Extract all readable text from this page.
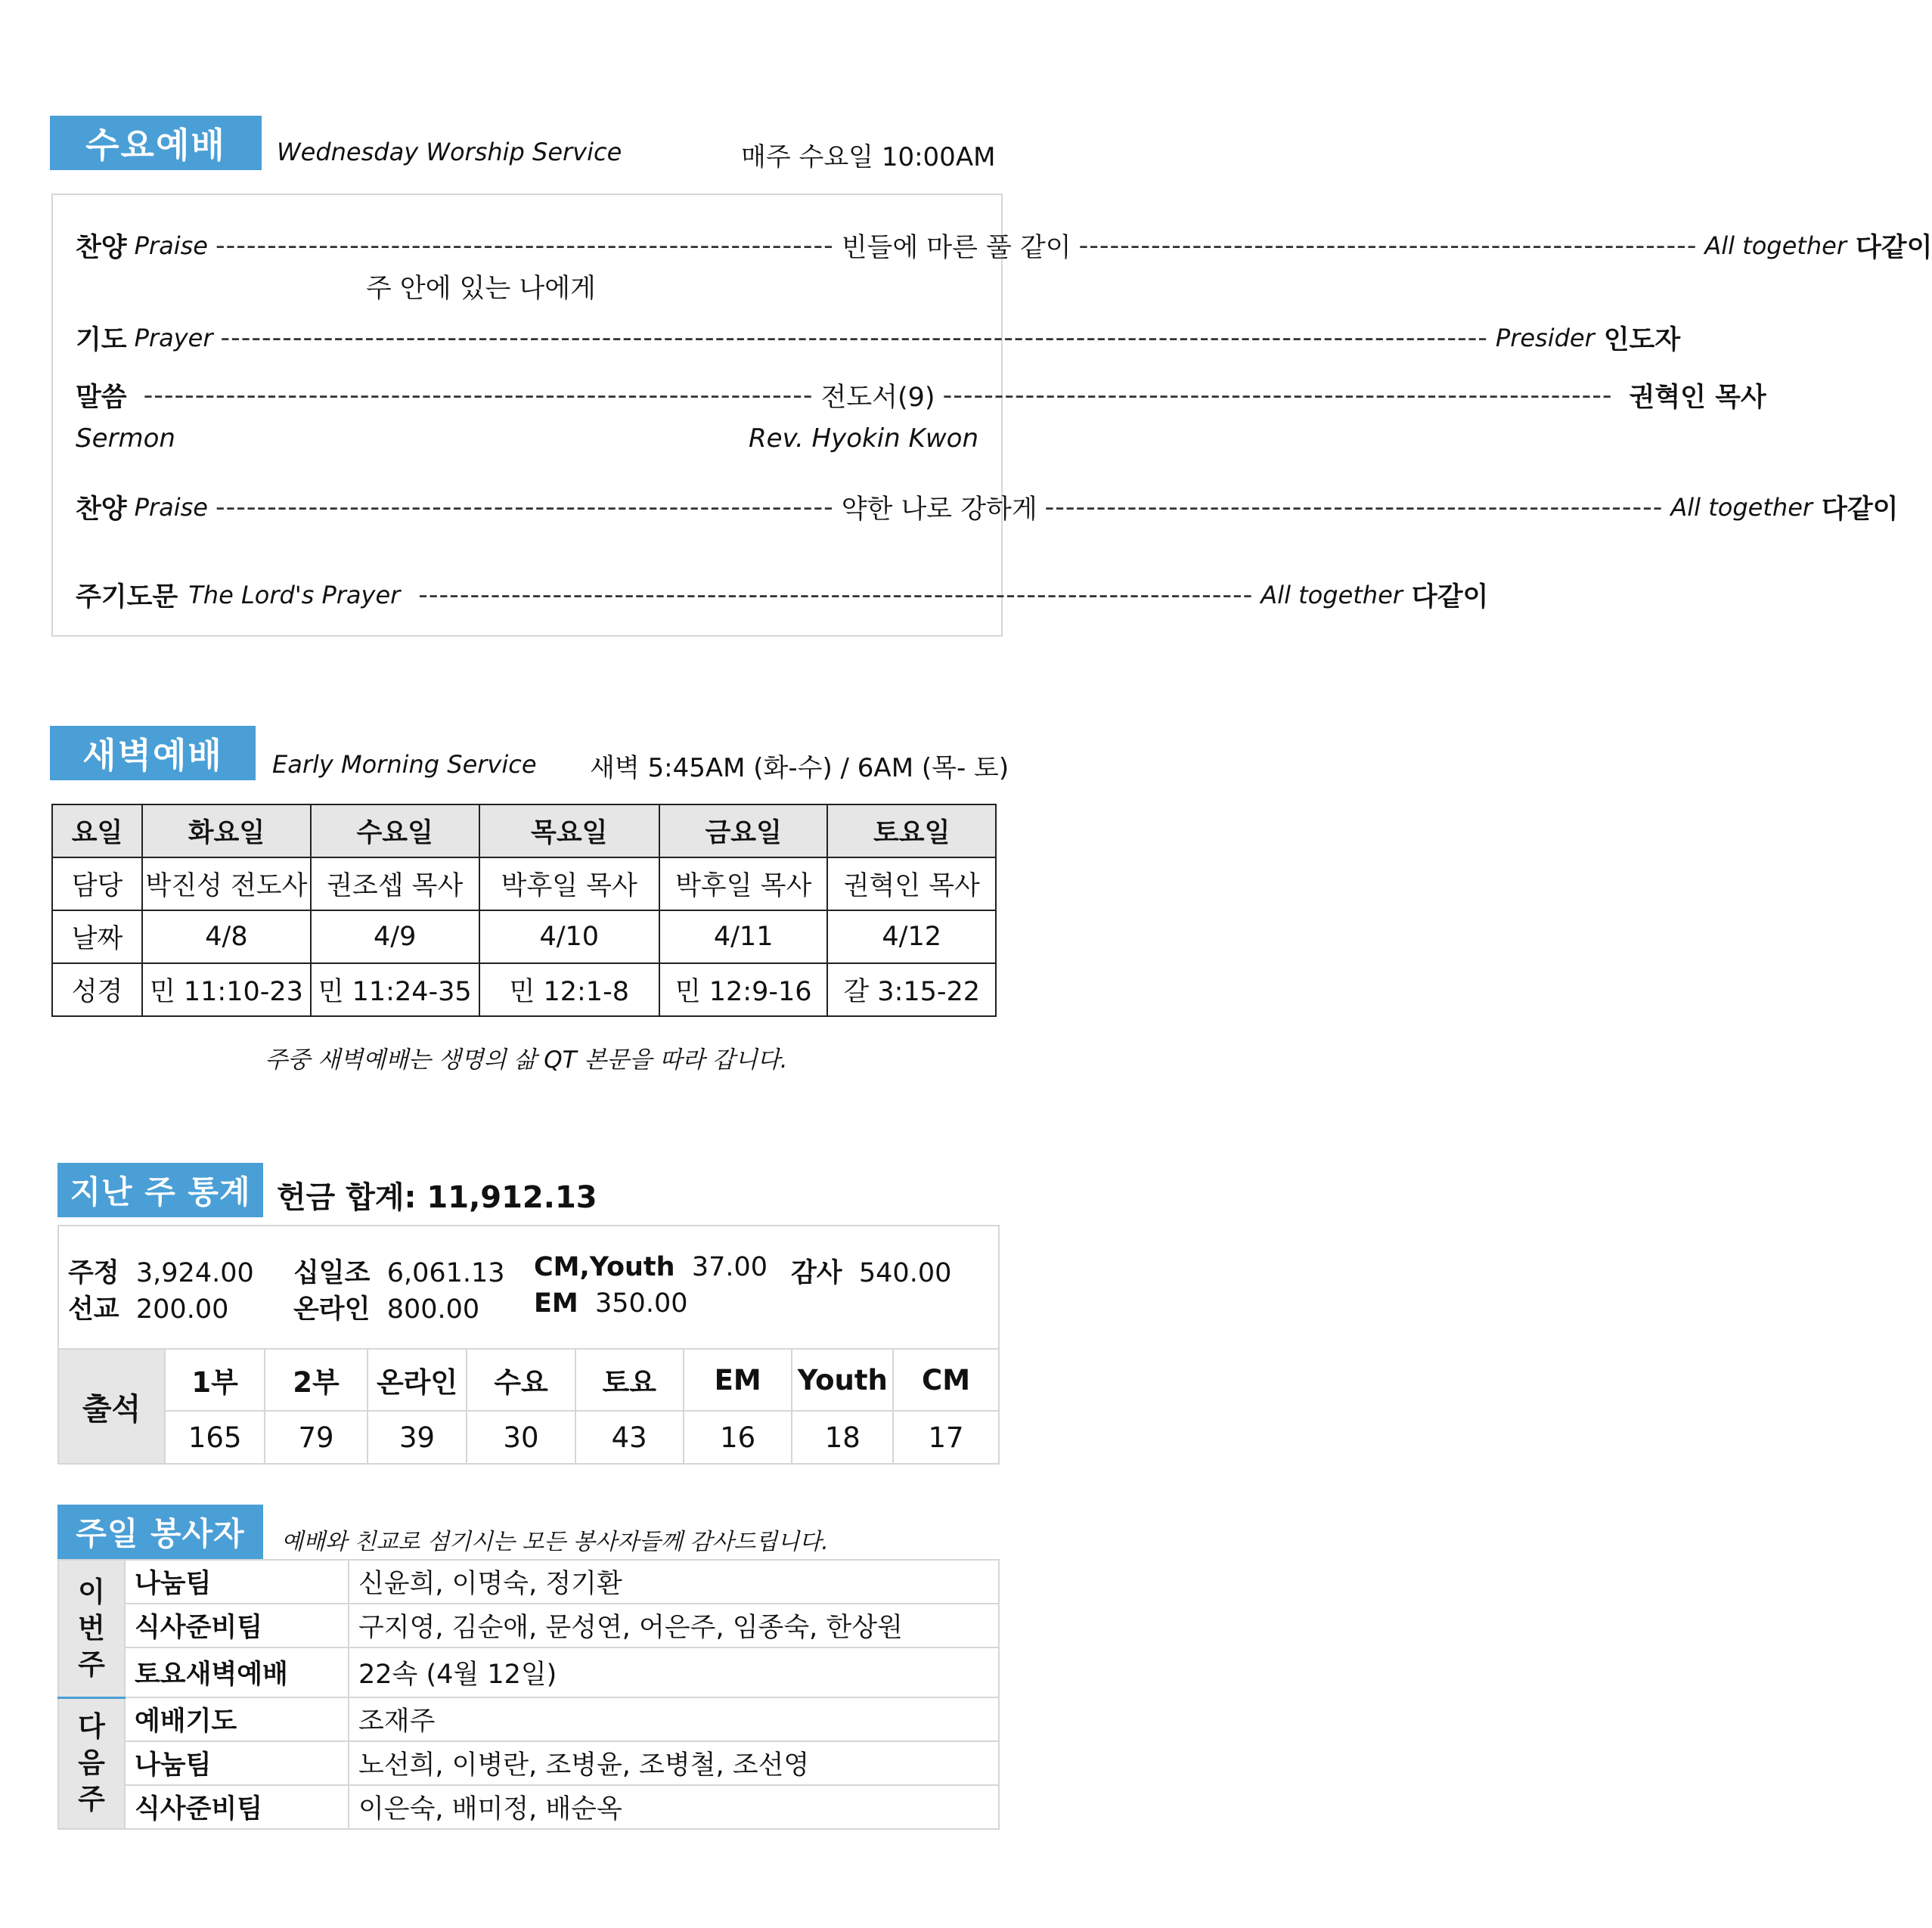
수요예배	Wednesday Worship Service	매주 수요일 10:00AM
찬양 Praise ------------------------------------------------------------ 빈들에 마른 풀 같이 ------------------------------------------------------------ All together 다같이
주 안에 있는 나에게
기도 Prayer --------------------------------------------------------------------------------------------------------------------------- Presider 인도자
말씀 ----------------------------------------------------------------- 전도서(9) ----------------------------------------------------------------- 권혁인 목사
Sermon	Rev. Hyokin Kwon
찬양 Praise ------------------------------------------------------------ 약한 나로 강하게 ------------------------------------------------------------ All together 다같이
주기도문 The Lord's Prayer --------------------------------------------------------------------------------- All together 다같이
새벽예배	Early Morning Service 새벽 5:45AM (화-수) / 6AM (목- 토)
요일	화요일	수요일	목요일	금요일	토요일
담당	박진성 전도사	권조셉 목사	박후일 목사	박후일 목사	권혁인 목사
날짜	4/8	4/9	4/10	4/11	4/12
성경	민 11:10-23	민 11:24-35	민 12:1-8	민 12:9-16	갈 3:15-22
주중 새벽예배는 생명의 삶 QT 본문을 따라 갑니다.
지난 주 통계 헌금 합계: 11,912.13
주정 3,924.00 십일조 6,061.13 CM,Youth 37.00 감사 540.00
선교 200.00 온라인 800.00 EM 350.00
출석	1부	2부	온라인	수요	토요	EM	Youth	CM
	165	79	39	30	43	16	18	17
주일 봉사자	예배와 친교로 섬기시는 모든 봉사자들께 감사드립니다.
이
번
주	나눔팀	신윤희, 이명숙, 정기환
	식사준비팀	구지영, 김순애, 문성연, 어은주, 임종숙, 한상원
	토요새벽예배	22속 (4월 12일)
다
음
주	예배기도	조재주
	나눔팀	노선희, 이병란, 조병윤, 조병철, 조선영
	식사준비팀	이은숙, 배미정, 배순옥
